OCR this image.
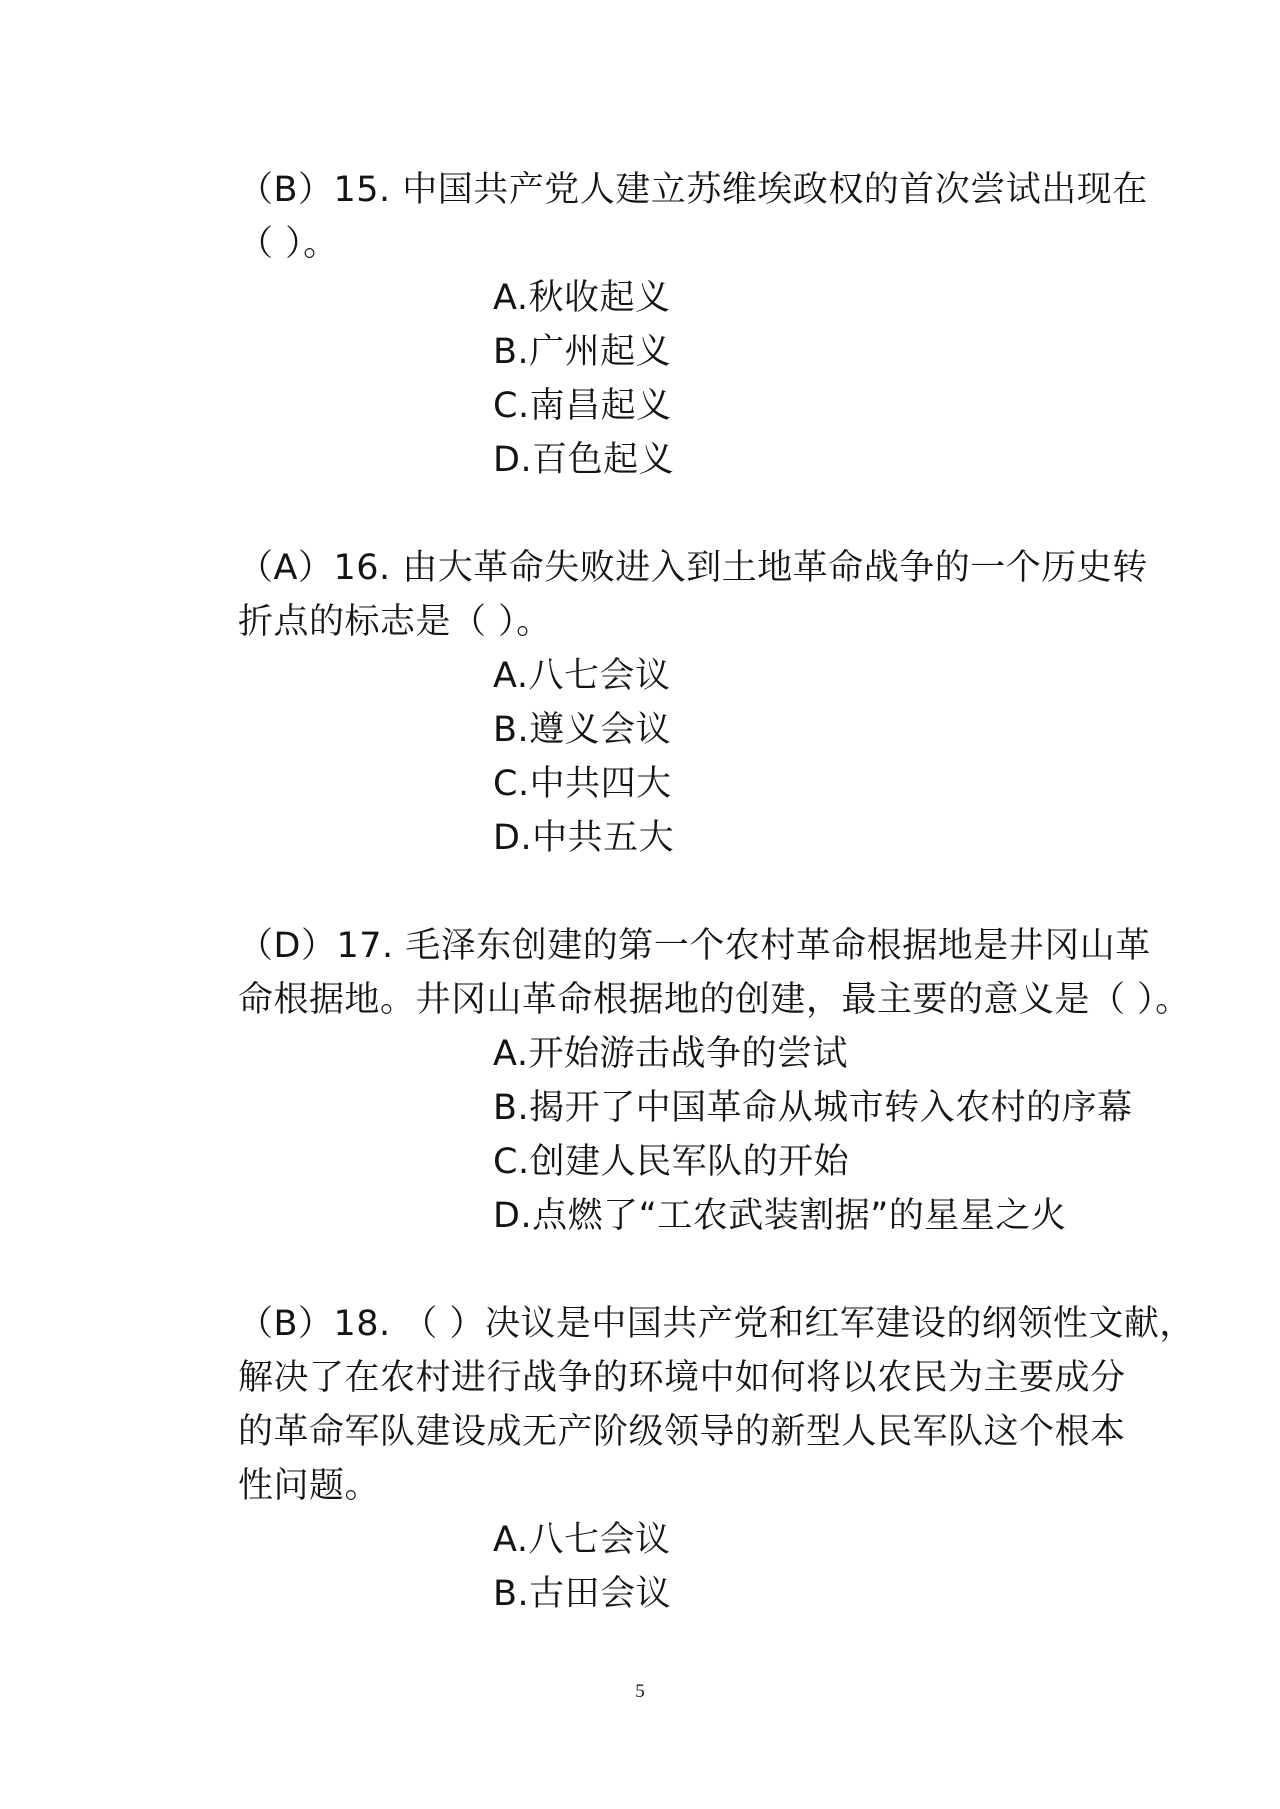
（B）15. 中国共产党人建立苏维埃政权的首次尝试出现在
（ ）。
A.秋收起义
B.广州起义
C.南昌起义
D.百色起义
（A）16. 由大革命失败进入到土地革命战争的一个历史转
折点的标志是（ ）。
A.八七会议
B.遵义会议
C.中共四大
D.中共五大
（D）17. 毛泽东创建的第一个农村革命根据地是井冈山革
命根据地。井冈山革命根据地的创建，最主要的意义是（ ）。
A.开始游击战争的尝试
B.揭开了中国革命从城市转入农村的序幕
C.创建人民军队的开始
D.点燃了“工农武装割据”的星星之火
（B）18. （ ）决议是中国共产党和红军建设的纲领性文献，
解决了在农村进行战争的环境中如何将以农民为主要成分
的革命军队建设成无产阶级领导的新型人民军队这个根本
性问题。
A.八七会议
B.古田会议
5
